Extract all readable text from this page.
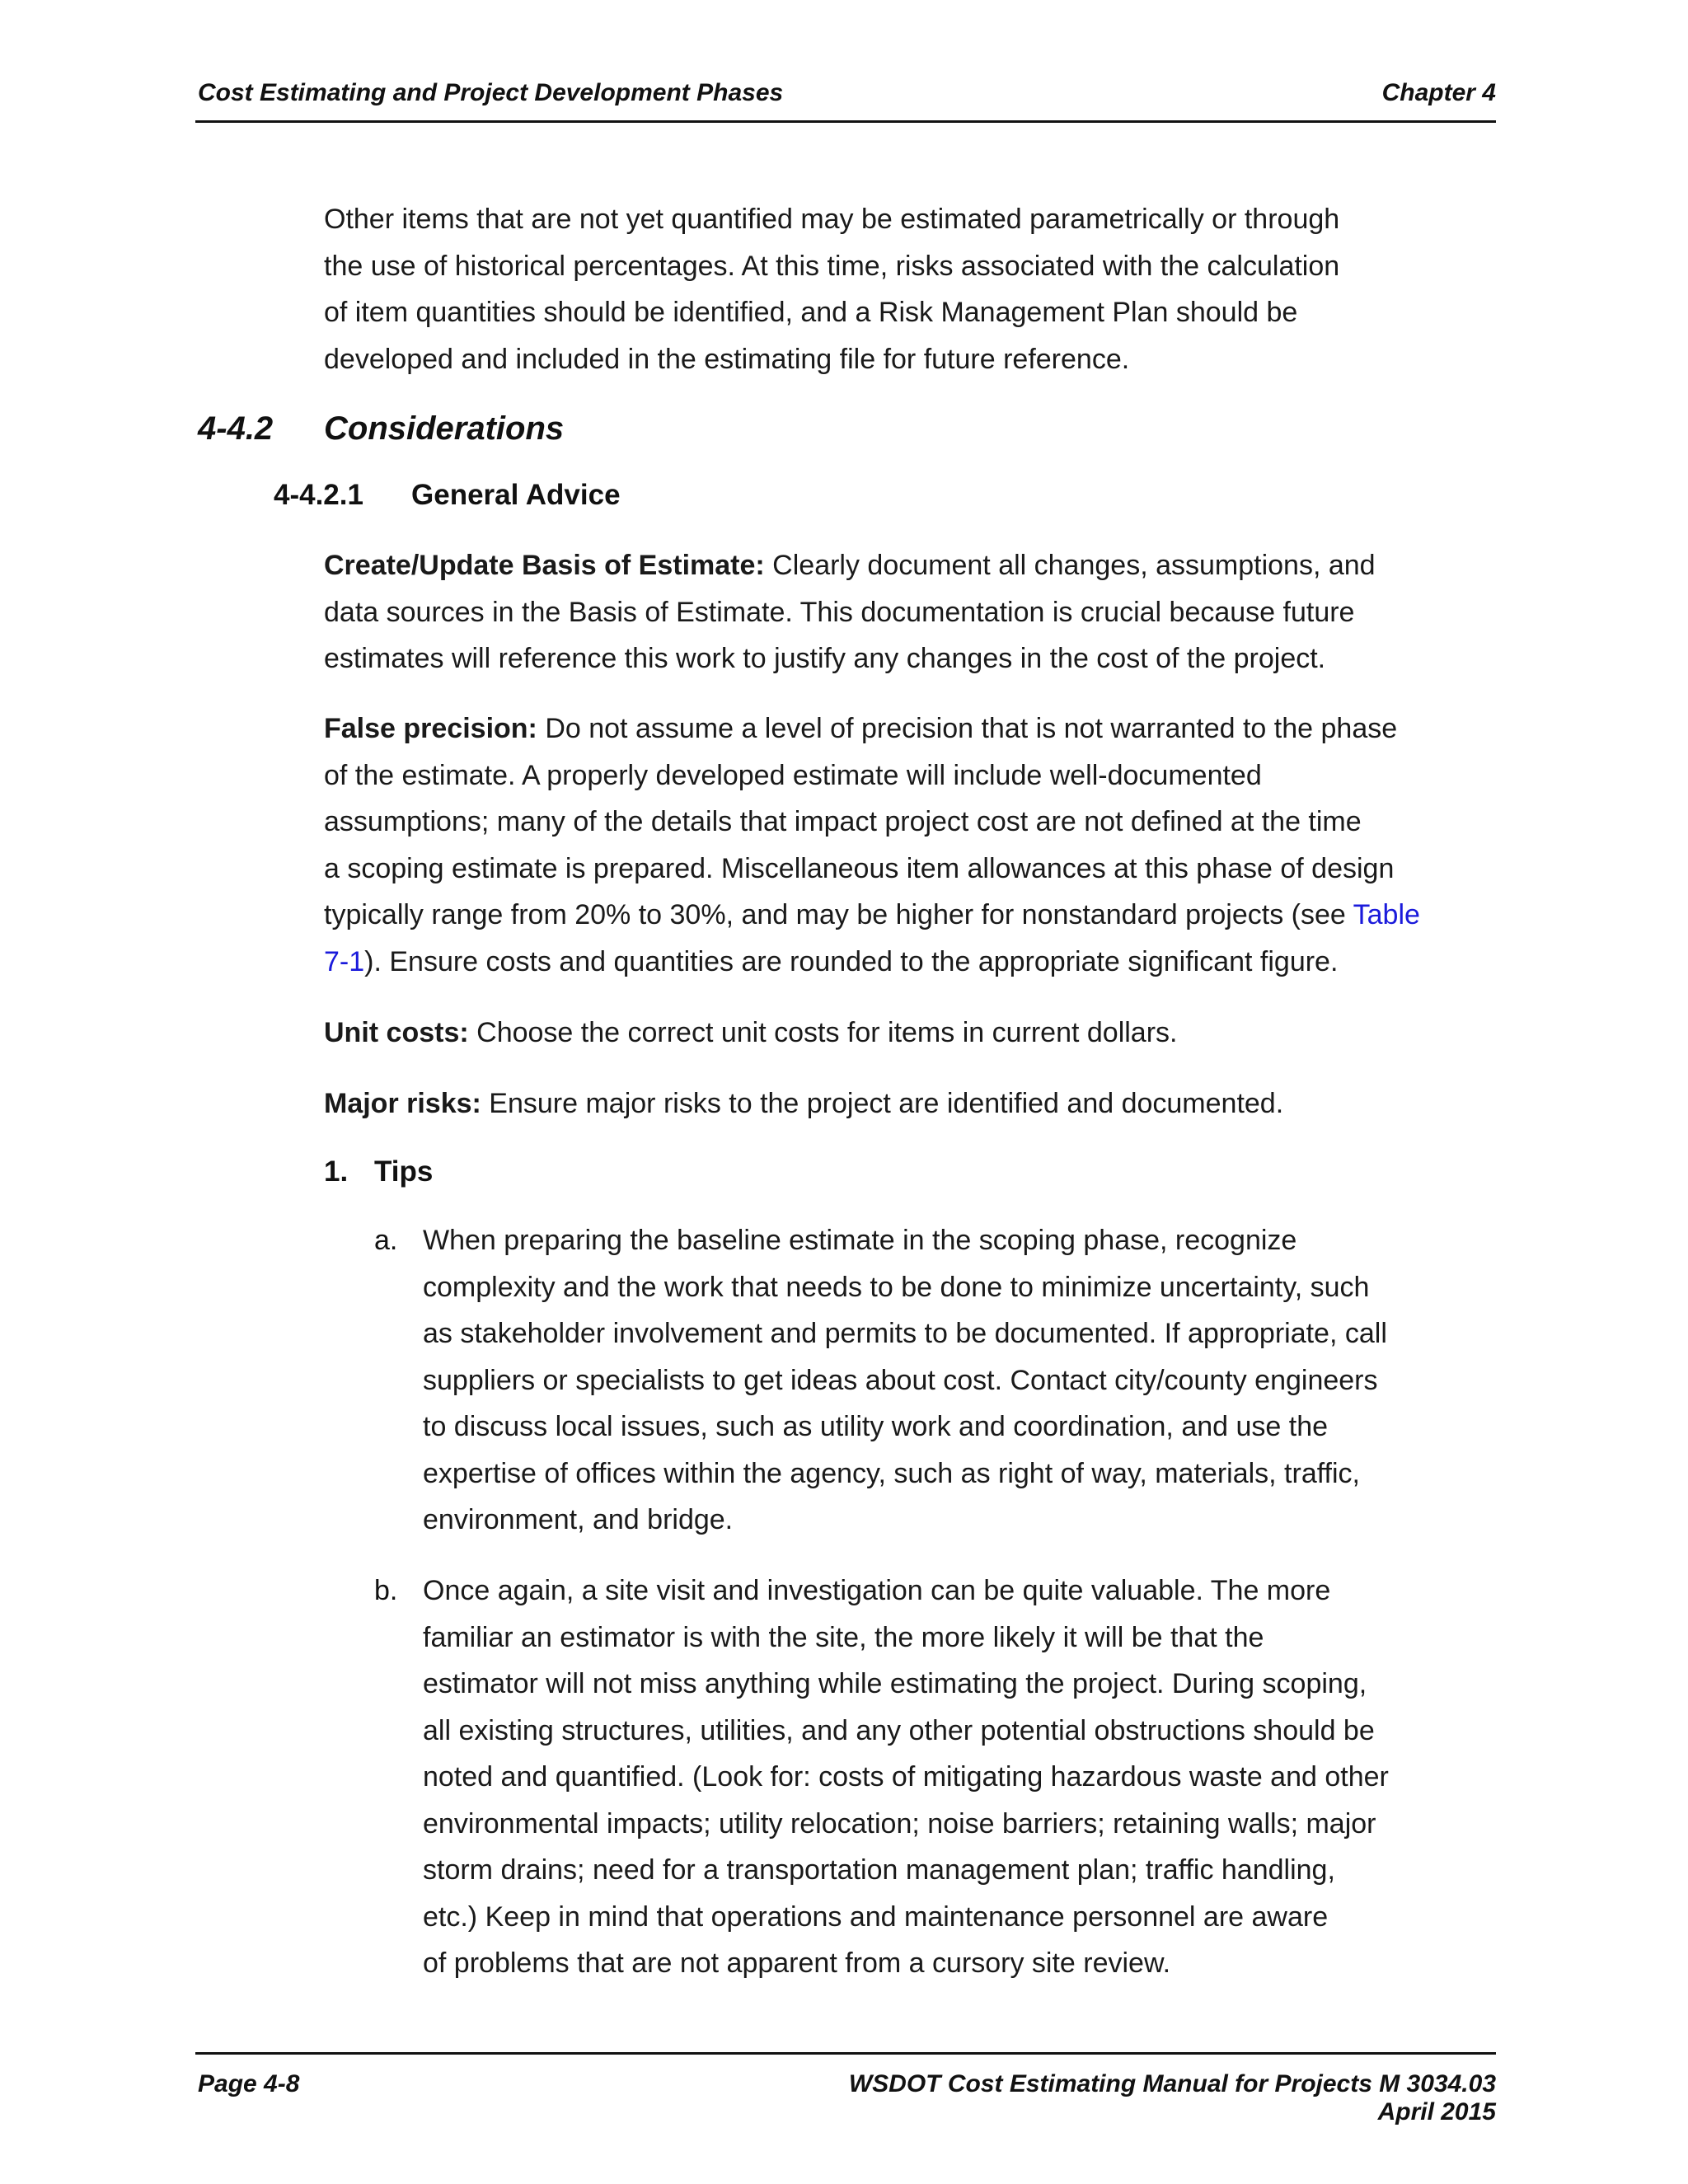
Cost Estimating and Project Development Phases	Chapter 4
Other items that are not yet quantified may be estimated parametrically or through
the use of historical percentages. At this time, risks associated with the calculation
of item quantities should be identified, and a Risk Management Plan should be
developed and included in the estimating file for future reference.
4-4.2 Considerations
4-4.2.1 General Advice
Create/Update Basis of Estimate: Clearly document all changes, assumptions, and
data sources in the Basis of Estimate. This documentation is crucial because future
estimates will reference this work to justify any changes in the cost of the project.
False precision: Do not assume a level of precision that is not warranted to the phase
of the estimate. A properly developed estimate will include well-documented
assumptions; many of the details that impact project cost are not defined at the time
a scoping estimate is prepared. Miscellaneous item allowances at this phase of design
typically range from 20% to 30%, and may be higher for nonstandard projects (see Table
7-1). Ensure costs and quantities are rounded to the appropriate significant figure.
Unit costs: Choose the correct unit costs for items in current dollars.
Major risks: Ensure major risks to the project are identified and documented.
1. Tips
a. When preparing the baseline estimate in the scoping phase, recognize
complexity and the work that needs to be done to minimize uncertainty, such
as stakeholder involvement and permits to be documented. If appropriate, call
suppliers or specialists to get ideas about cost. Contact city/county engineers
to discuss local issues, such as utility work and coordination, and use the
expertise of offices within the agency, such as right of way, materials, traffic,
environment, and bridge.
b. Once again, a site visit and investigation can be quite valuable. The more
familiar an estimator is with the site, the more likely it will be that the
estimator will not miss anything while estimating the project. During scoping,
all existing structures, utilities, and any other potential obstructions should be
noted and quantified. (Look for: costs of mitigating hazardous waste and other
environmental impacts; utility relocation; noise barriers; retaining walls; major
storm drains; need for a transportation management plan; traffic handling,
etc.) Keep in mind that operations and maintenance personnel are aware
of problems that are not apparent from a cursory site review.
Page 4-8	WSDOT Cost Estimating Manual for Projects M 3034.03
April 2015
